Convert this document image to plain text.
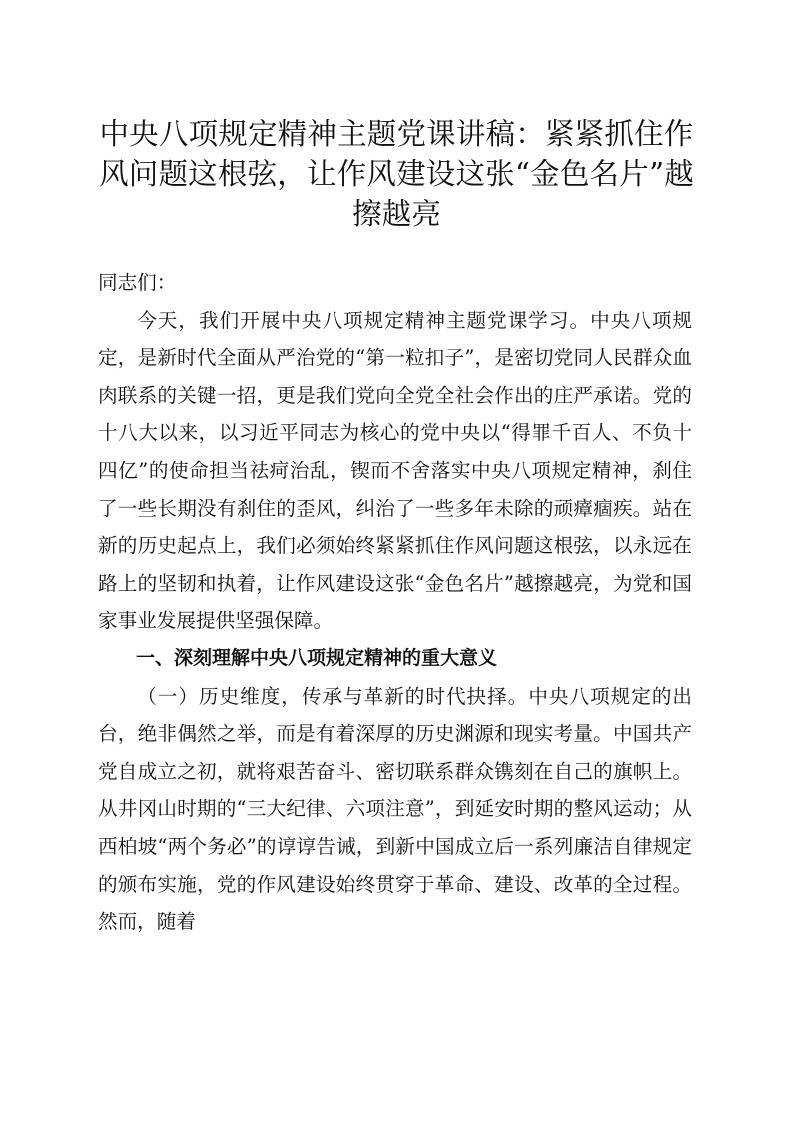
中央八项规定精神主题党课讲稿：紧紧抓住作风问题这根弦，让作风建设这张“金色名片”越擦越亮

同志们：

今天，我们开展中央八项规定精神主题党课学习。中央八项规定，是新时代全面从严治党的“第一粒扣子”，是密切党同人民群众血肉联系的关键一招，更是我们党向全党全社会作出的庄严承诺。党的十八大以来，以习近平同志为核心的党中央以“得罪千百人、不负十四亿”的使命担当祛疴治乱，锲而不舍落实中央八项规定精神，刹住了一些长期没有刹住的歪风，纠治了一些多年未除的顽瘴痼疾。站在新的历史起点上，我们必须始终紧紧抓住作风问题这根弦，以永远在路上的坚韧和执着，让作风建设这张“金色名片”越擦越亮，为党和国家事业发展提供坚强保障。

一、深刻理解中央八项规定精神的重大意义

（一）历史维度，传承与革新的时代抉择。中央八项规定的出台，绝非偶然之举，而是有着深厚的历史渊源和现实考量。中国共产党自成立之初，就将艰苦奋斗、密切联系群众镌刻在自己的旗帜上。从井冈山时期的“三大纪律、六项注意”，到延安时期的整风运动；从西柏坡“两个务必”的谆谆告诫，到新中国成立后一系列廉洁自律规定的颁布实施，党的作风建设始终贯穿于革命、建设、改革的全过程。然而，随着
